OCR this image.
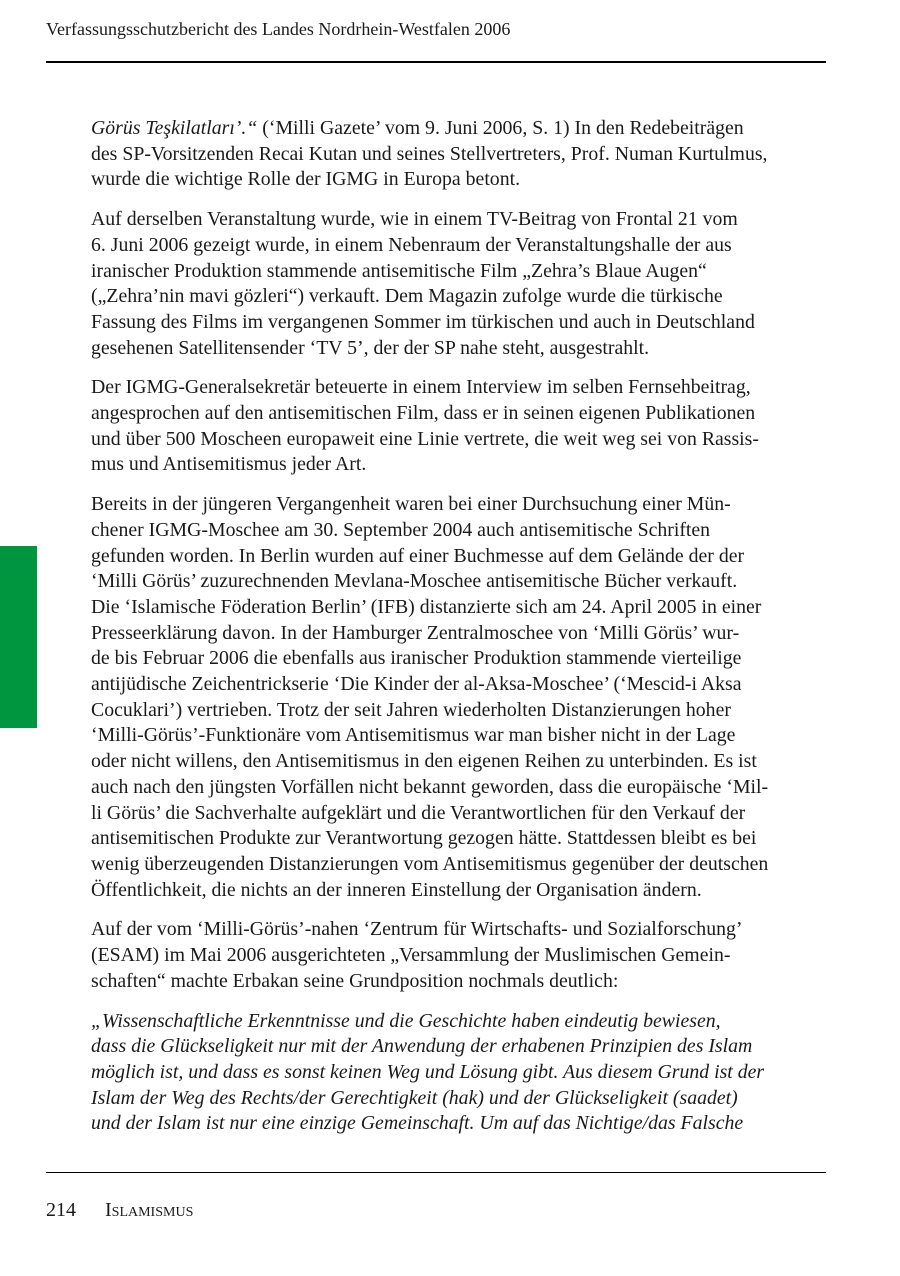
Verfassungsschutzbericht des Landes Nordrhein-Westfalen 2006

Görüs Teşkilatları’.“ (‘Milli Gazete’ vom 9. Juni 2006, S. 1) In den Redebeiträgen
des SP-Vorsitzenden Recai Kutan und seines Stellvertreters, Prof. Numan Kurtulmus,
wurde die wichtige Rolle der IGMG in Europa betont.

Auf derselben Veranstaltung wurde, wie in einem TV-Beitrag von Frontal 21 vom
6. Juni 2006 gezeigt wurde, in einem Nebenraum der Veranstaltungshalle der aus
iranischer Produktion stammende antisemitische Film „Zehra’s Blaue Augen“
(„Zehra’nin mavi gözleri“) verkauft. Dem Magazin zufolge wurde die türkische
Fassung des Films im vergangenen Sommer im türkischen und auch in Deutschland
gesehenen Satellitensender ‘TV 5’, der der SP nahe steht, ausgestrahlt.

Der IGMG-Generalsekretär beteuerte in einem Interview im selben Fernsehbeitrag,
angesprochen auf den antisemitischen Film, dass er in seinen eigenen Publikationen
und über 500 Moscheen europaweit eine Linie vertrete, die weit weg sei von Rassis-
mus und Antisemitismus jeder Art.

Bereits in der jüngeren Vergangenheit waren bei einer Durchsuchung einer Mün-
chener IGMG-Moschee am 30. September 2004 auch antisemitische Schriften
gefunden worden. In Berlin wurden auf einer Buchmesse auf dem Gelände der der
‘Milli Görüs’ zuzurechnenden Mevlana-Moschee antisemitische Bücher verkauft.
Die ‘Islamische Föderation Berlin’ (IFB) distanzierte sich am 24. April 2005 in einer
Presseerklärung davon. In der Hamburger Zentralmoschee von ‘Milli Görüs’ wur-
de bis Februar 2006 die ebenfalls aus iranischer Produktion stammende vierteilige
antijüdische Zeichentrickserie ‘Die Kinder der al-Aksa-Moschee’ (‘Mescid-i Aksa
Cocuklari’) vertrieben. Trotz der seit Jahren wiederholten Distanzierungen hoher
‘Milli-Görüs’-Funktionäre vom Antisemitismus war man bisher nicht in der Lage
oder nicht willens, den Antisemitismus in den eigenen Reihen zu unterbinden. Es ist
auch nach den jüngsten Vorfällen nicht bekannt geworden, dass die europäische ‘Mil-
li Görüs’ die Sachverhalte aufgeklärt und die Verantwortlichen für den Verkauf der
antisemitischen Produkte zur Verantwortung gezogen hätte. Stattdessen bleibt es bei
wenig überzeugenden Distanzierungen vom Antisemitismus gegenüber der deutschen
Öffentlichkeit, die nichts an der inneren Einstellung der Organisation ändern.

Auf der vom ‘Milli-Görüs’-nahen ‘Zentrum für Wirtschafts- und Sozialforschung’
(ESAM) im Mai 2006 ausgerichteten „Versammlung der Muslimischen Gemein-
schaften“ machte Erbakan seine Grundposition nochmals deutlich:

„Wissenschaftliche Erkenntnisse und die Geschichte haben eindeutig bewiesen,
dass die Glückseligkeit nur mit der Anwendung der erhabenen Prinzipien des Islam
möglich ist, und dass es sonst keinen Weg und Lösung gibt. Aus diesem Grund ist der
Islam der Weg des Rechts/der Gerechtigkeit (hak) und der Glückseligkeit (saadet)
und der Islam ist nur eine einzige Gemeinschaft. Um auf das Nichtige/das Falsche

214 Islamismus
